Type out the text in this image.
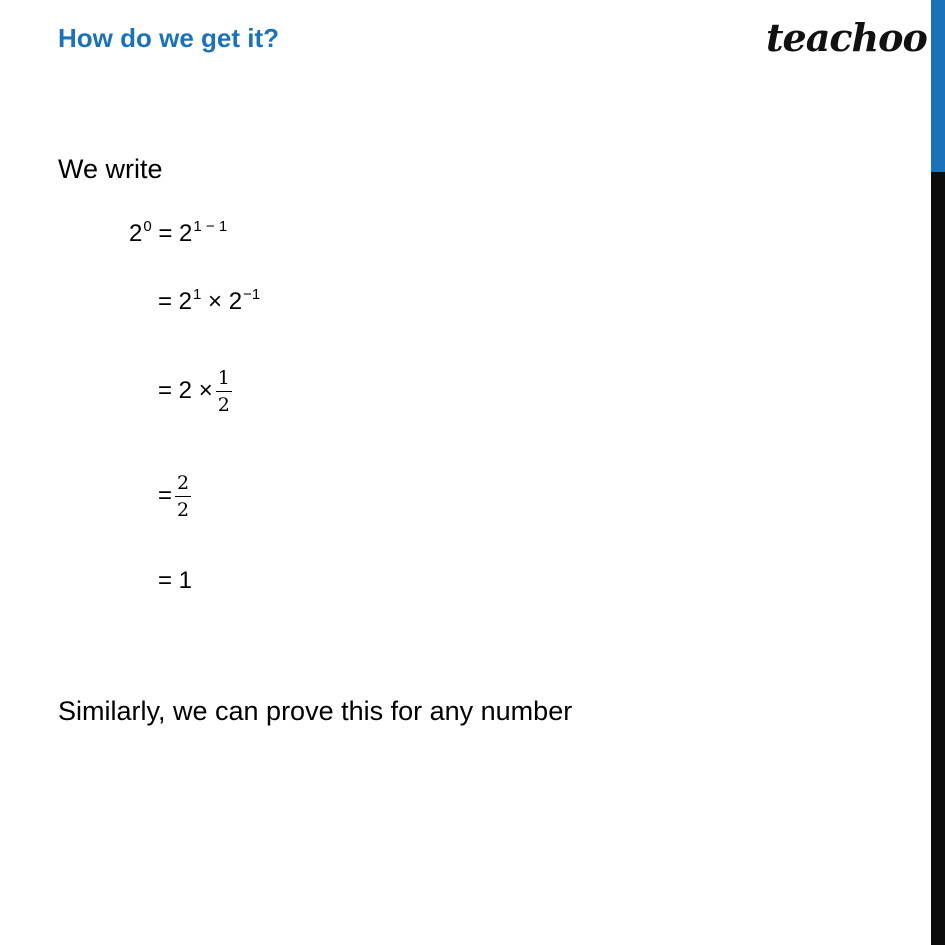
How do we get it?	teachoo
We write
$2^0 = 2^{1 - 1}$
= $2^1 \times 2^{-1}$
= $2 \times \frac{1}{2}$
= $\frac{2}{2}$
= 1
Similarly, we can prove this for any number
